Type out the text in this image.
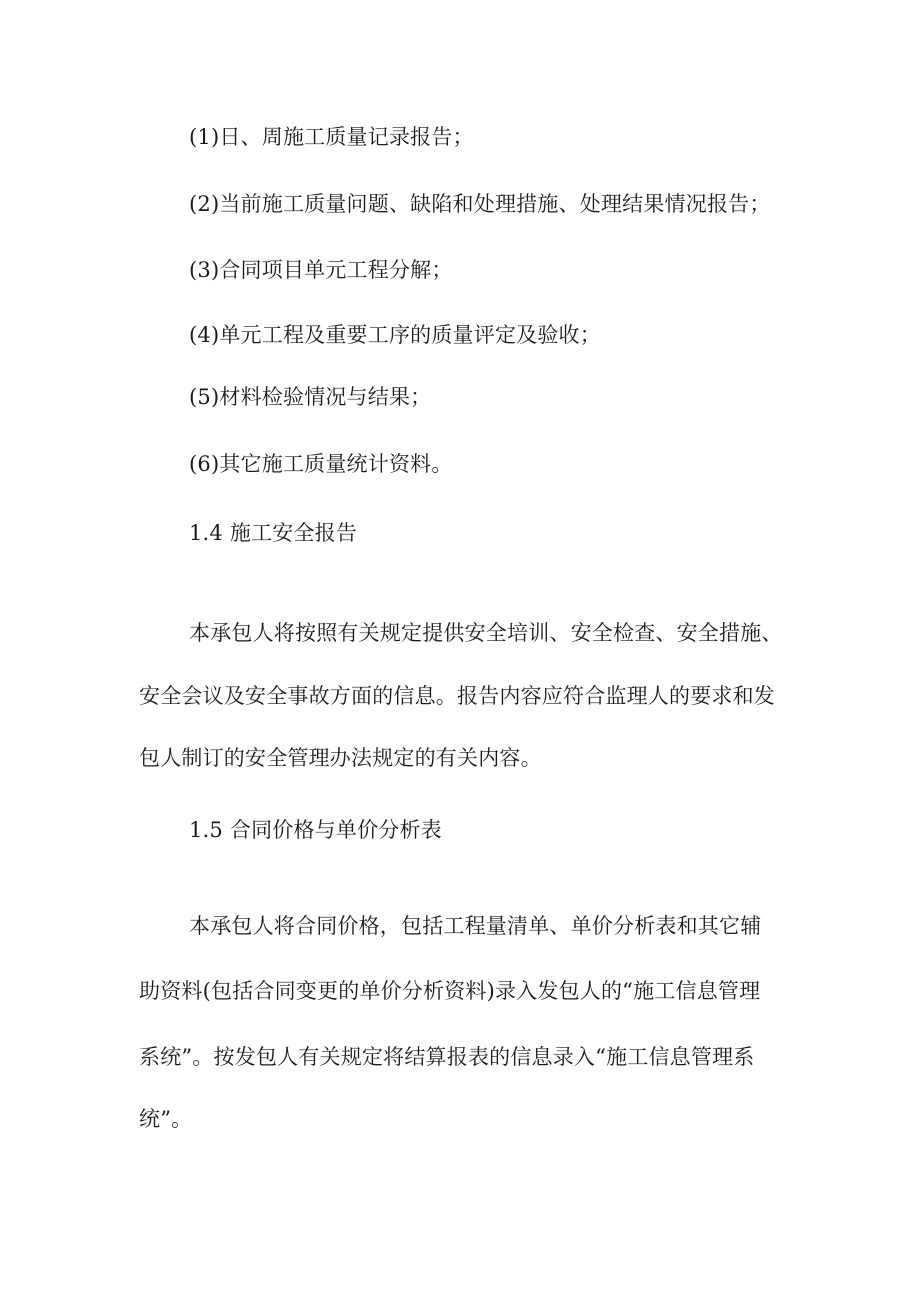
(1)日、周施工质量记录报告；
(2)当前施工质量问题、缺陷和处理措施、处理结果情况报告；
(3)合同项目单元工程分解；
(4)单元工程及重要工序的质量评定及验收；
(5)材料检验情况与结果；
(6)其它施工质量统计资料。
1.4 施工安全报告
本承包人将按照有关规定提供安全培训、安全检查、安全措施、
安全会议及安全事故方面的信息。报告内容应符合监理人的要求和发
包人制订的安全管理办法规定的有关内容。
1.5 合同价格与单价分析表
本承包人将合同价格，包括工程量清单、单价分析表和其它辅
助资料(包括合同变更的单价分析资料)录入发包人的“施工信息管理
系统”。按发包人有关规定将结算报表的信息录入“施工信息管理系
统”。
